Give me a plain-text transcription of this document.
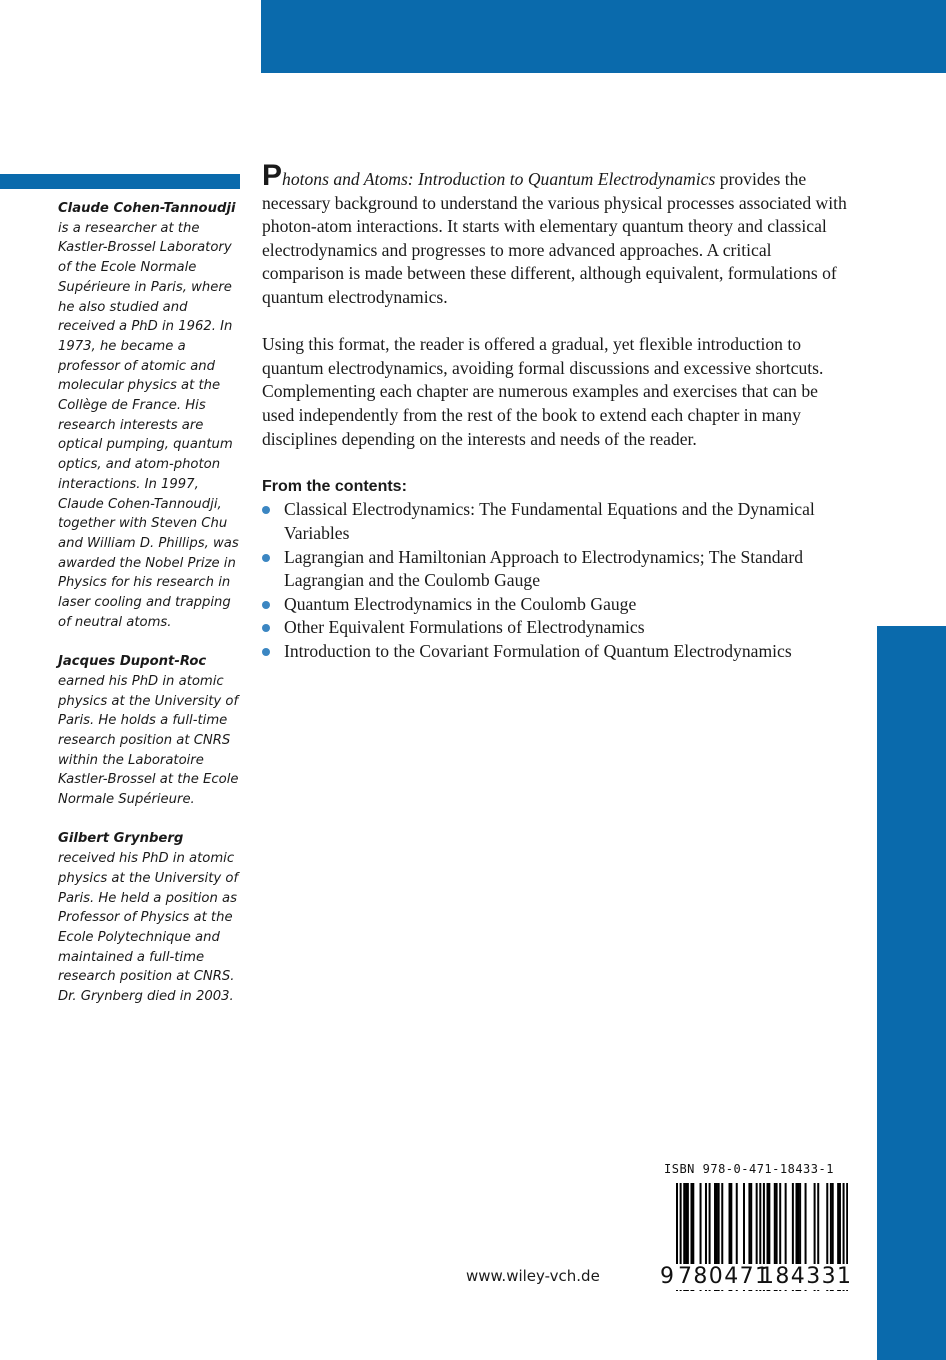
Claude Cohen-Tannoudji is a researcher at the Kastler-Brossel Laboratory of the Ecole Normale Supérieure in Paris, where he also studied and received a PhD in 1962. In 1973, he became a professor of atomic and molecular physics at the Collège de France. His research interests are optical pumping, quantum optics, and atom-photon interactions. In 1997, Claude Cohen-Tannoudji, together with Steven Chu and William D. Phillips, was awarded the Nobel Prize in Physics for his research in laser cooling and trapping of neutral atoms.

Jacques Dupont-Roc earned his PhD in atomic physics at the University of Paris. He holds a full-time research position at CNRS within the Laboratoire Kastler-Brossel at the Ecole Normale Supérieure.

Gilbert Grynberg received his PhD in atomic physics at the University of Paris. He held a position as Professor of Physics at the Ecole Polytechnique and maintained a full-time research position at CNRS. Dr. Grynberg died in 2003.

Photons and Atoms: Introduction to Quantum Electrodynamics provides the necessary background to understand the various physical processes associated with photon-atom interactions. It starts with elementary quantum theory and classical electrodynamics and progresses to more advanced approaches. A critical comparison is made between these different, although equivalent, formulations of quantum electrodynamics.

Using this format, the reader is offered a gradual, yet flexible introduction to quantum electrodynamics, avoiding formal discussions and excessive shortcuts. Complementing each chapter are numerous examples and exercises that can be used independently from the rest of the book to extend each chapter in many disciplines depending on the interests and needs of the reader.

From the contents:

Classical Electrodynamics: The Fundamental Equations and the Dynamical Variables
Lagrangian and Hamiltonian Approach to Electrodynamics; The Standard Lagrangian and the Coulomb Gauge
Quantum Electrodynamics in the Coulomb Gauge
Other Equivalent Formulations of Electrodynamics
Introduction to the Covariant Formulation of Quantum Electrodynamics
ISBN 978-0-471-18433-1
9 780471
184331
www.wiley-vch.de
